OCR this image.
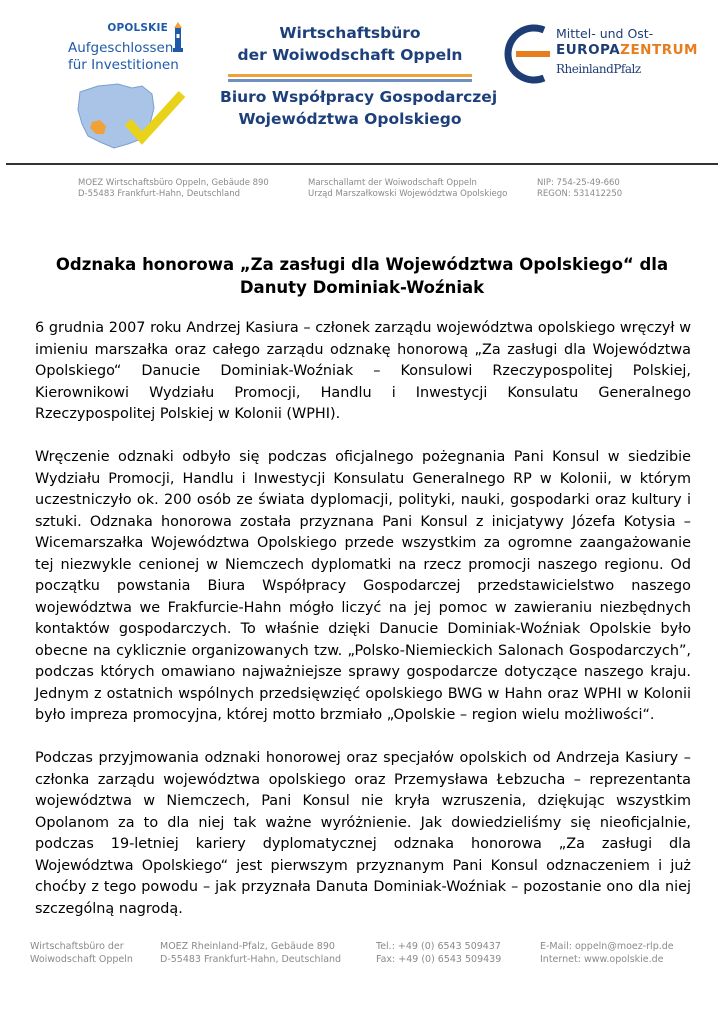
OPOLSKIE
Aufgeschlossen
für Investitionen
Wirtschaftsbüro
der Woiwodschaft Oppeln
Biuro Współpracy Gospodarczej
Województwa Opolskiego
Mittel- und Ost-
EUROPAZENTRUM
RheinlandPfalz
MOEZ Wirtschaftsbüro Oppeln, Gebäude 890
D-55483 Frankfurt-Hahn, Deutschland
Marschallamt der Woiwodschaft Oppeln
Urząd Marszałkowski Województwa Opolskiego
NIP: 754-25-49-660
REGON: 531412250
Odznaka honorowa „Za zasługi dla Województwa Opolskiego“ dla
Danuty Dominiak-Woźniak

6 grudnia 2007 roku Andrzej Kasiura – członek zarządu województwa opolskiego wręczył w imieniu marszałka oraz całego zarządu odznakę honorową „Za zasługi dla Województwa Opolskiego“ Danucie Dominiak-Woźniak – Konsulowi Rzeczypospolitej Polskiej, Kierownikowi Wydziału Promocji, Handlu i Inwestycji Konsulatu Generalnego Rzeczypospolitej Polskiej w Kolonii (WPHI).

Wręczenie odznaki odbyło się podczas oficjalnego pożegnania Pani Konsul w siedzibie Wydziału Promocji, Handlu i Inwestycji Konsulatu Generalnego RP w Kolonii, w którym uczestniczyło ok. 200 osób ze świata dyplomacji, polityki, nauki, gospodarki oraz kultury i sztuki. Odznaka honorowa została przyznana Pani Konsul z inicjatywy Józefa Kotysia – Wicemarszałka Województwa Opolskiego przede wszystkim za ogromne zaangażowanie tej niezwykle cenionej w Niemczech dyplomatki na rzecz promocji naszego regionu. Od początku powstania Biura Współpracy Gospodarczej przedstawicielstwo naszego województwa we Frakfurcie-Hahn mógło liczyć na jej pomoc w zawieraniu niezbędnych kontaktów gospodarczych. To właśnie dzięki Danucie Dominiak-Woźniak Opolskie było obecne na cyklicznie organizowanych tzw. „Polsko-Niemieckich Salonach Gospodarczych”, podczas których omawiano najważniejsze sprawy gospodarcze dotyczące naszego kraju. Jednym z ostatnich wspólnych przedsięwzięć opolskiego BWG w Hahn oraz WPHI w Kolonii było impreza promocyjna, której motto brzmiało „Opolskie – region wielu możliwości“.

Podczas przyjmowania odznaki honorowej oraz specjałów opolskich od Andrzeja Kasiury – członka zarządu województwa opolskiego oraz Przemysława Łebzucha – reprezentanta województwa w Niemczech, Pani Konsul nie kryła wzruszenia, dziękując wszystkim Opolanom za to dla niej tak ważne wyróżnienie. Jak dowiedzieliśmy się nieoficjalnie, podczas 19-letniej kariery dyplomatycznej odznaka honorowa „Za zasługi dla Województwa Opolskiego“ jest pierwszym przyznanym Pani Konsul odznaczeniem i już choćby z tego powodu – jak przyznała Danuta Dominiak-Woźniak – pozostanie ono dla niej szczególną nagrodą.

Wirtschaftsbüro der
Woiwodschaft Oppeln
MOEZ Rheinland-Pfalz, Gebäude 890
D-55483 Frankfurt-Hahn, Deutschland
Tel.: +49 (0) 6543 509437
Fax: +49 (0) 6543 509439
E-Mail: oppeln@moez-rlp.de
Internet: www.opolskie.de
